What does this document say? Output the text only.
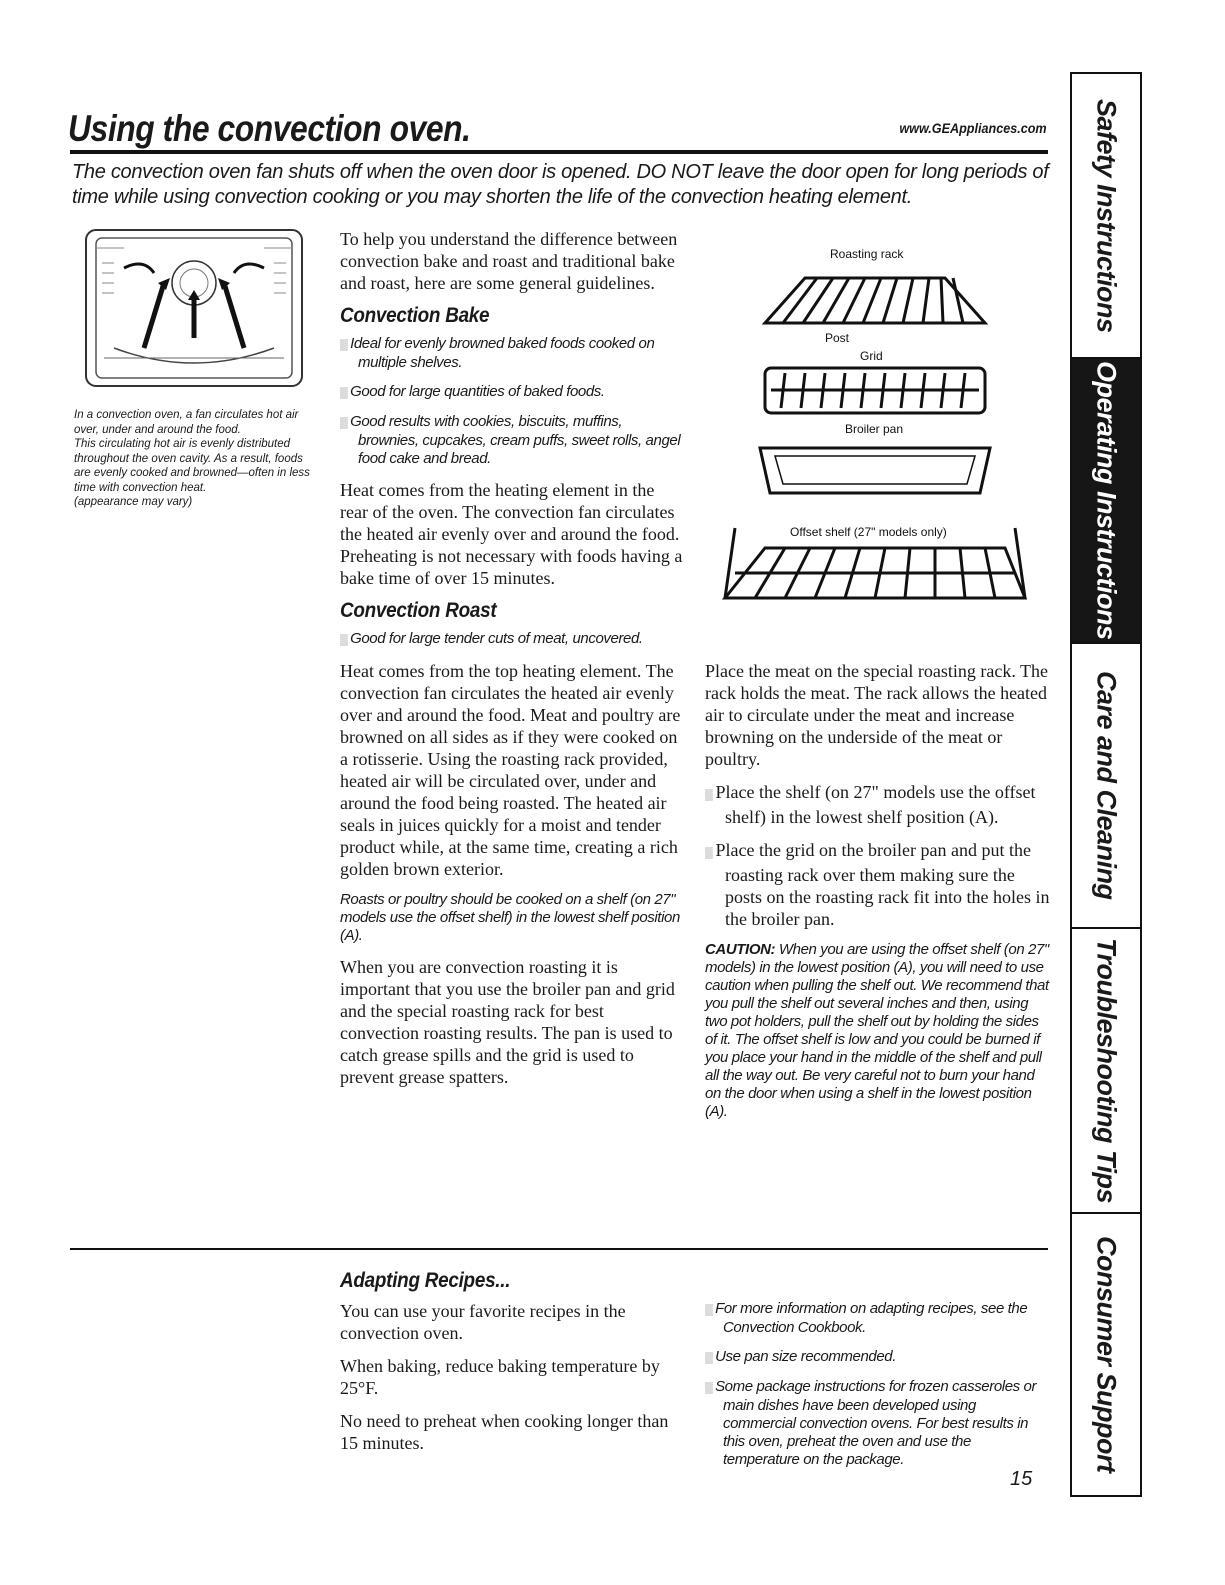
Using the convection oven.	www.GEAppliances.com
The convection oven fan shuts off when the oven door is opened. DO NOT leave the door open for long periods of time while using convection cooking or you may shorten the life of the convection heating element.

In a convection oven, a fan circulates hot air over, under and around the food.

This circulating hot air is evenly distributed throughout the oven cavity. As a result, foods are evenly cooked and browned—often in less time with convection heat.

(appearance may vary)

To help you understand the difference between convection bake and roast and traditional bake and roast, here are some general guidelines.

Convection Bake

▒ Ideal for evenly browned baked foods cooked on multiple shelves.

▒ Good for large quantities of baked foods.

▒ Good results with cookies, biscuits, muffins, brownies, cupcakes, cream puffs, sweet rolls, angel food cake and bread.

Heat comes from the heating element in the rear of the oven. The convection fan circulates the heated air evenly over and around the food. Preheating is not necessary with foods having a bake time of over 15 minutes.

Convection Roast

▒ Good for large tender cuts of meat, uncovered.

Heat comes from the top heating element. The convection fan circulates the heated air evenly over and around the food. Meat and poultry are browned on all sides as if they were cooked on a rotisserie. Using the roasting rack provided, heated air will be circulated over, under and around the food being roasted. The heated air seals in juices quickly for a moist and tender product while, at the same time, creating a rich golden brown exterior.

Roasts or poultry should be cooked on a shelf (on 27" models use the offset shelf) in the lowest shelf position (A).

When you are convection roasting it is important that you use the broiler pan and grid and the special roasting rack for best convection roasting results. The pan is used to catch grease spills and the grid is used to prevent grease spatters.

Roasting rack
Post
Grid
Broiler pan
Offset shelf (27" models only)

Place the meat on the special roasting rack. The rack holds the meat. The rack allows the heated air to circulate under the meat and increase browning on the underside of the meat or poultry.

▒ Place the shelf (on 27" models use the offset shelf) in the lowest shelf position (A).

▒ Place the grid on the broiler pan and put the roasting rack over them making sure the posts on the roasting rack fit into the holes in the broiler pan.

CAUTION: When you are using the offset shelf (on 27" models) in the lowest position (A), you will need to use caution when pulling the shelf out. We recommend that you pull the shelf out several inches and then, using two pot holders, pull the shelf out by holding the sides of it. The offset shelf is low and you could be burned if you place your hand in the middle of the shelf and pull all the way out. Be very careful not to burn your hand on the door when using a shelf in the lowest position (A).

Adapting Recipes...

You can use your favorite recipes in the convection oven.

When baking, reduce baking temperature by 25°F.

No need to preheat when cooking longer than 15 minutes.

▒ For more information on adapting recipes, see the Convection Cookbook.

▒ Use pan size recommended.

▒ Some package instructions for frozen casseroles or main dishes have been developed using commercial convection ovens. For best results in this oven, preheat the oven and use the temperature on the package.

15
Safety Instructions
Operating Instructions
Care and Cleaning
Troubleshooting Tips
Consumer Support
